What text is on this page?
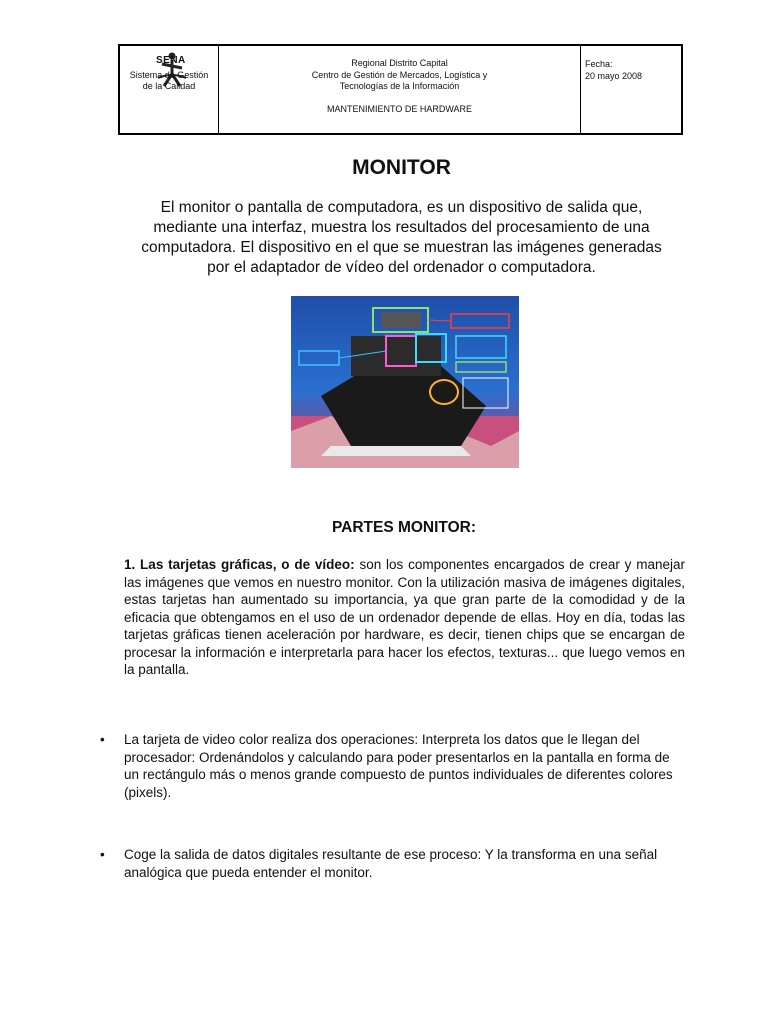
SENA
Sistema de Gestión
de la Calidad
Regional Distrito Capital
Centro de Gestión de Mercados, Logística y
Tecnologías de la Información
MANTENIMIENTO DE HARDWARE
Fecha:
20 mayo 2008
MONITOR

El monitor o pantalla de computadora, es un dispositivo de salida que, mediante una interfaz, muestra los resultados del procesamiento de una computadora. El dispositivo en el que se muestran las imágenes generadas por el adaptador de vídeo del ordenador o computadora.

PARTES MONITOR:

1. Las tarjetas gráficas, o de vídeo: son los componentes encargados de crear y manejar las imágenes que vemos en nuestro monitor. Con la utilización masiva de imágenes digitales, estas tarjetas han aumentado su importancia, ya que gran parte de la comodidad y de la eficacia que obtengamos en el uso de un ordenador depende de ellas. Hoy en día, todas las tarjetas gráficas tienen aceleración por hardware, es decir, tienen chips que se encargan de procesar la información e interpretarla para hacer los efectos, texturas... que luego vemos en la pantalla.

• La tarjeta de video color realiza dos operaciones: Interpreta los datos que le llegan del procesador: Ordenándolos y calculando para poder presentarlos en la pantalla en forma de un rectángulo más o menos grande compuesto de puntos individuales de diferentes colores (pixels).
• Coge la salida de datos digitales resultante de ese proceso: Y la transforma en una señal analógica que pueda entender el monitor.
